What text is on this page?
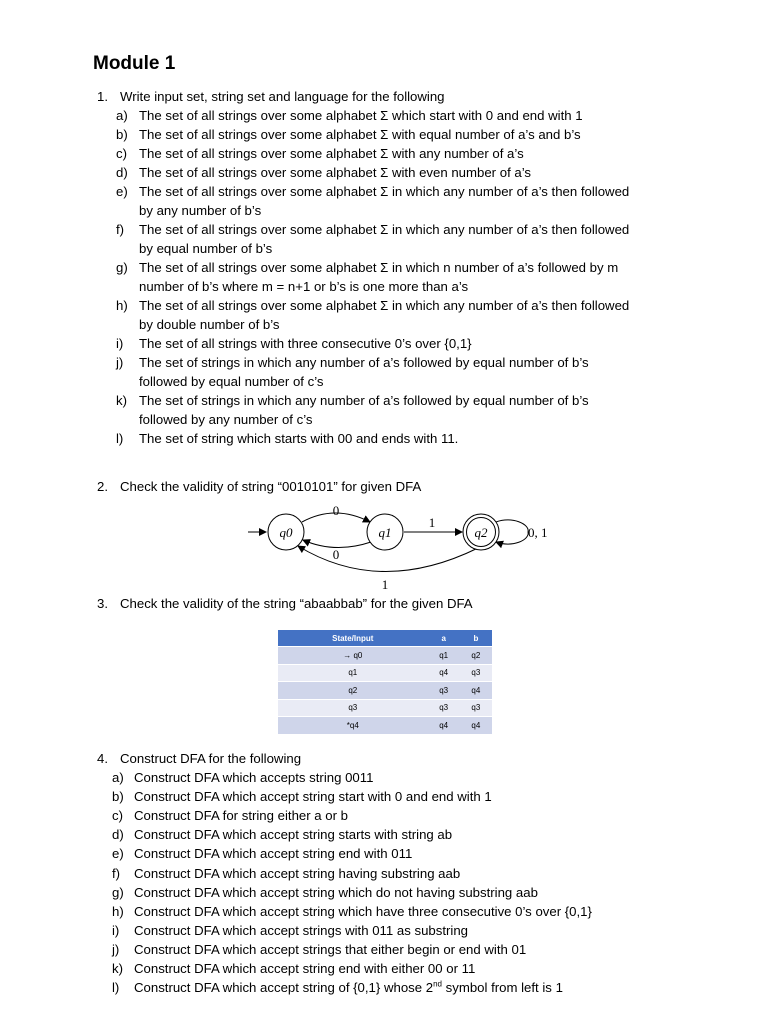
Module 1
1. Write input set, string set and language for the following
a) The set of all strings over some alphabet Σ which start with 0 and end with 1
b) The set of all strings over some alphabet Σ with equal number of a’s and b’s
c) The set of all strings over some alphabet Σ with any number of a’s
d) The set of all strings over some alphabet Σ with even number of a’s
e) The set of all strings over some alphabet Σ in which any number of a’s then followed
by any number of b’s
f) The set of all strings over some alphabet Σ in which any number of a’s then followed
by equal number of b’s
g) The set of all strings over some alphabet Σ in which n number of a’s followed by m
number of b’s where m = n+1 or b’s is one more than a’s
h) The set of all strings over some alphabet Σ in which any number of a’s then followed
by double number of b’s
i) The set of all strings with three consecutive 0’s over {0,1}
j) The set of strings in which any number of a’s followed by equal number of b’s
followed by equal number of c’s
k) The set of strings in which any number of a’s followed by equal number of b’s
followed by any number of c’s
l) The set of string which starts with 00 and ends with 11.
2. Check the validity of string “0010101” for given DFA
0
0
1
1
0, 1
q0	q1	q2
3. Check the validity of the string “abaabbab” for the given DFA
State/Input	a	b
→ q0	q1	q2
q1	q4	q3
q2	q3	q4
q3	q3	q3
*q4	q4	q4
4. Construct DFA for the following
a) Construct DFA which accepts string 0011
b) Construct DFA which accept string start with 0 and end with 1
c) Construct DFA for string either a or b
d) Construct DFA which accept string starts with string ab
e) Construct DFA which accept string end with 011
f) Construct DFA which accept string having substring aab
g) Construct DFA which accept string which do not having substring aab
h) Construct DFA which accept string which have three consecutive 0’s over {0,1}
i) Construct DFA which accept strings with 011 as substring
j) Construct DFA which accept strings that either begin or end with 01
k) Construct DFA which accept string end with either 00 or 11
l) Construct DFA which accept string of {0,1} whose 2nd symbol from left is 1
